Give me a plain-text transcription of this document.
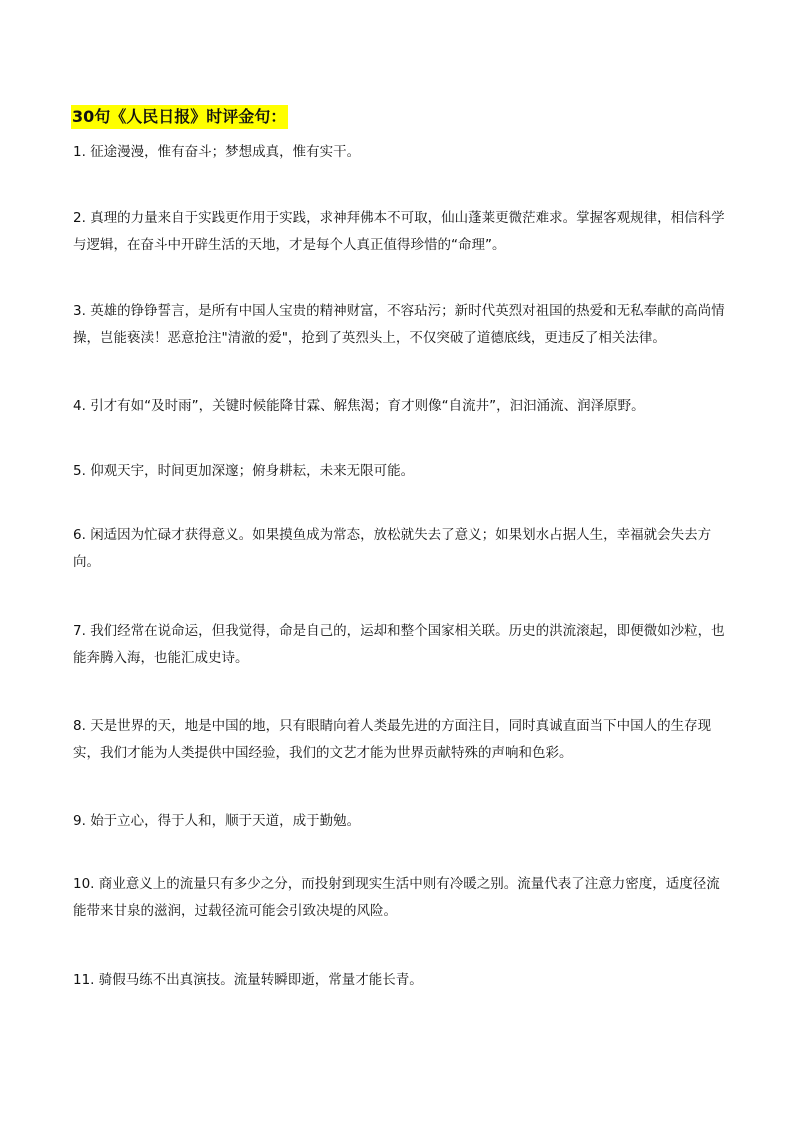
30句《人民日报》时评金句：
1. 征途漫漫，惟有奋斗；梦想成真，惟有实干。
2. 真理的力量来自于实践更作用于实践，求神拜佛本不可取，仙山蓬莱更微茫难求。掌握客观规律，相信科学与逻辑，在奋斗中开辟生活的天地，才是每个人真正值得珍惜的“命理”。
3. 英雄的铮铮誓言，是所有中国人宝贵的精神财富，不容玷污；新时代英烈对祖国的热爱和无私奉献的高尚情操，岂能亵渎！恶意抢注"清澈的爱"，抢到了英烈头上，不仅突破了道德底线，更违反了相关法律。
4. 引才有如“及时雨”，关键时候能降甘霖、解焦渴；育才则像“自流井”，汩汩涌流、润泽原野。
5. 仰观天宇，时间更加深邃；俯身耕耘，未来无限可能。
6. 闲适因为忙碌才获得意义。如果摸鱼成为常态，放松就失去了意义；如果划水占据人生，幸福就会失去方向。
7. 我们经常在说命运，但我觉得，命是自己的，运却和整个国家相关联。历史的洪流滚起，即便微如沙粒，也能奔腾入海，也能汇成史诗。
8. 天是世界的天，地是中国的地，只有眼睛向着人类最先进的方面注目，同时真诚直面当下中国人的生存现实，我们才能为人类提供中国经验，我们的文艺才能为世界贡献特殊的声响和色彩。
9. 始于立心，得于人和，顺于天道，成于勤勉。
10. 商业意义上的流量只有多少之分，而投射到现实生活中则有冷暖之别。流量代表了注意力密度，适度径流能带来甘泉的滋润，过载径流可能会引致决堤的风险。
11. 骑假马练不出真演技。流量转瞬即逝，常量才能长青。
